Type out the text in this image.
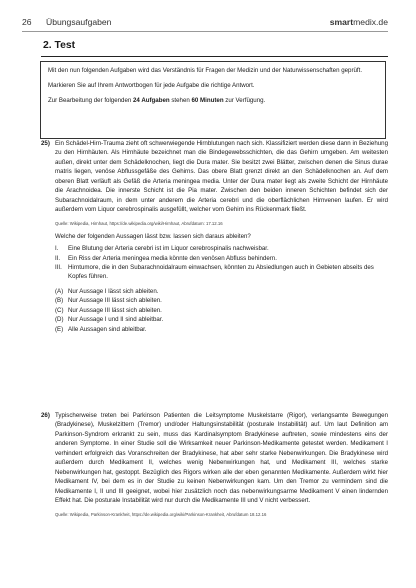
26 Übungsaufgaben	smartmedix.de
2. Test

Mit den nun folgenden Aufgaben wird das Verständnis für Fragen der Medizin und der Naturwissenschaften geprüft.

Markieren Sie auf Ihrem Antwortbogen für jede Aufgabe die richtige Antwort.

Zur Bearbeitung der folgenden 24 Aufgaben stehen 60 Minuten zur Verfügung.

25) Ein Schädel-Hirn-Trauma zieht oft schwerwiegende Hirnblutungen nach sich. Klassifiziert werden diese dann in Beziehung zu den Hirnhäuten. Als Hirnhäute bezeichnet man die Bindegewebsschichten, die das Gehirn umgeben. Am weitesten außen, direkt unter dem Schädelknochen, liegt die Dura mater. Sie besitzt zwei Blätter, zwischen denen die Sinus durae matris liegen, venöse Abflussgefäße des Gehirns. Das obere Blatt grenzt direkt an den Schädelknochen an. Auf dem oberen Blatt verläuft als Gefäß die Arteria meningea media. Unter der Dura mater liegt als zweite Schicht der Hirnhäute die Arachnoidea. Die innerste Schicht ist die Pia mater. Zwischen den beiden inneren Schichten befindet sich der Subarachnoidalraum, in dem unter anderem die Arteria cerebri und die oberflächlichen Hirnvenen laufen. Er wird außerdem vom Liquor cerebrospinalis ausgefüllt, welcher vom Gehirn ins Rückenmark fließt.
Quelle: Wikipedia, Hirnhaut, https://de.wikipedia.org/wiki/Hirnhaut, Abrufdatum: 17.12.16
Welche der folgenden Aussagen lässt bzw. lassen sich daraus ableiten?
I. Eine Blutung der Arteria cerebri ist im Liquor cerebrospinalis nachweisbar.
II. Ein Riss der Arteria meningea media könnte den venösen Abfluss behindern.
III. Hirntumore, die in den Subarachnoidalraum einwachsen, könnten zu Absiedlungen auch in Gebieten abseits des Kopfes führen.
(A) Nur Aussage I lässt sich ableiten.
(B) Nur Aussage III lässt sich ableiten.
(C) Nur Aussage III lässt sich ableiten.
(D) Nur Aussage I und II sind ableitbar.
(E) Alle Aussagen sind ableitbar.
26) Typischerweise treten bei Parkinson Patienten die Leitsymptome Muskelstarre (Rigor), verlangsamte Bewegungen (Bradykinese), Muskelzittern (Tremor) und/oder Haltungsinstabilität (posturale Instabilität) auf. Um laut Definition am Parkinson-Syndrom erkrankt zu sein, muss das Kardinalsymptom Bradykinese auftreten, sowie mindestens eins der anderen Symptome. In einer Studie soll die Wirksamkeit neuer Parkinson-Medikamente getestet werden. Medikament I verhindert erfolgreich das Voranschreiten der Bradykinese, hat aber sehr starke Nebenwirkungen. Die Bradykinese wird außerdem durch Medikament II, welches wenig Nebenwirkungen hat, und Medikament III, welches starke Nebenwirkungen hat, gestoppt. Bezüglich des Rigors wirken alle der eben genannten Medikamente. Außerdem wirkt hier Medikament IV, bei dem es in der Studie zu keinen Nebenwirkungen kam. Um den Tremor zu vermindern sind die Medikamente I, II und III geeignet, wobei hier zusätzlich noch das nebenwirkungsarme Medikament V einen lindernden Effekt hat. Die posturale Instabilität wird nur durch die Medikamente III und V nicht verbessert.
Quelle: Wikipedia, Parkinson-Krankheit, https://de.wikipedia.org/wiki/Parkinson-Krankheit, Abrufdatum 18.12.16
